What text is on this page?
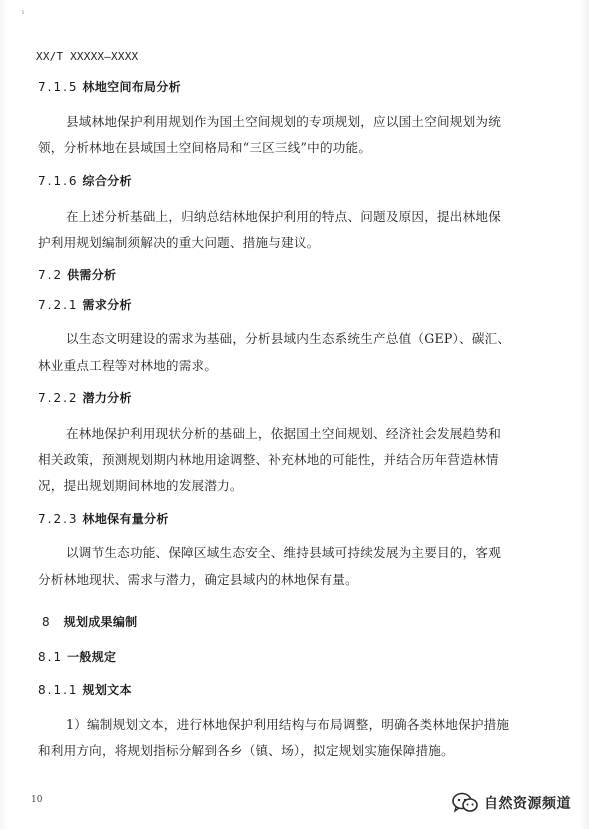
ι
XX/T XXXXX—XXXX
7.1.5 林地空间布局分析
县域林地保护利用规划作为国土空间规划的专项规划，应以国土空间规划为统
领，分析林地在县域国土空间格局和“三区三线”中的功能。
7.1.6 综合分析
在上述分析基础上，归纳总结林地保护利用的特点、问题及原因，提出林地保
护利用规划编制须解决的重大问题、措施与建议。
7.2 供需分析
7.2.1 需求分析
以生态文明建设的需求为基础，分析县域内生态系统生产总值（GEP）、碳汇、
林业重点工程等对林地的需求。
7.2.2 潜力分析
在林地保护利用现状分析的基础上，依据国土空间规划、经济社会发展趋势和
相关政策，预测规划期内林地用途调整、补充林地的可能性，并结合历年营造林情
况，提出规划期间林地的发展潜力。
7.2.3 林地保有量分析
以调节生态功能、保障区域生态安全、维持县域可持续发展为主要目的，客观
分析林地现状、需求与潜力，确定县域内的林地保有量。
8 规划成果编制
8.1 一般规定
8.1.1 规划文本
1）编制规划文本，进行林地保护利用结构与布局调整，明确各类林地保护措施
和利用方向，将规划指标分解到各乡（镇、场），拟定规划实施保障措施。
10	自然资源频道
